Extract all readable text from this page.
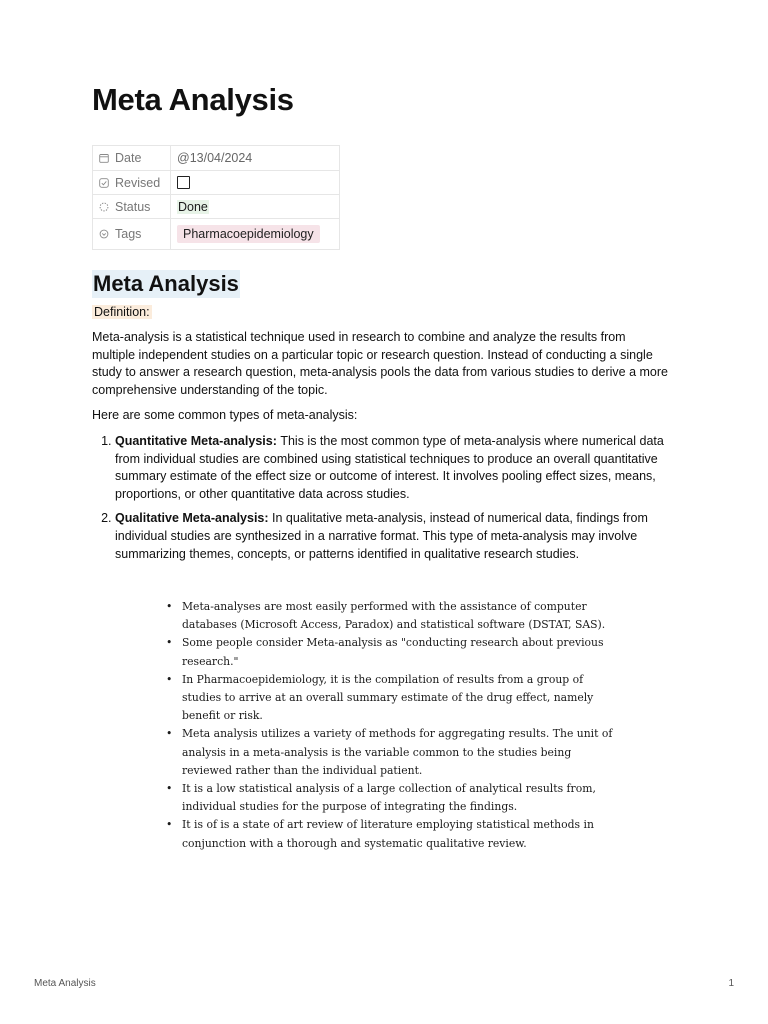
Meta Analysis
Date	@13/04/2024

Revised	

Status	Done

Tags	Pharmacoepidemiology
Meta Analysis
Definition:

Meta-analysis is a statistical technique used in research to combine and analyze the results from multiple independent studies on a particular topic or research question. Instead of conducting a single study to answer a research question, meta-analysis pools the data from various studies to derive a more comprehensive understanding of the topic.

Here are some common types of meta-analysis:

1. Quantitative Meta-analysis: This is the most common type of meta-analysis where numerical data from individual studies are combined using statistical techniques to produce an overall quantitative summary estimate of the effect size or outcome of interest. It involves pooling effect sizes, means, proportions, or other quantitative data across studies.
2. Qualitative Meta-analysis: In qualitative meta-analysis, instead of numerical data, findings from individual studies are synthesized in a narrative format. This type of meta-analysis may involve summarizing themes, concepts, or patterns identified in qualitative research studies.
• Meta-analyses are most easily performed with the assistance of computer databases (Microsoft Access, Paradox) and statistical software (DSTAT, SAS).
• Some people consider Meta-analysis as "conducting research about previous research."
• In Pharmacoepidemiology, it is the compilation of results from a group of studies to arrive at an overall summary estimate of the drug effect, namely benefit or risk.
• Meta analysis utilizes a variety of methods for aggregating results. The unit of analysis in a meta-analysis is the variable common to the studies being reviewed rather than the individual patient.
• It is a low statistical analysis of a large collection of analytical results from, individual studies for the purpose of integrating the findings.
• It is of is a state of art review of literature employing statistical methods in conjunction with a thorough and systematic qualitative review.
Meta Analysis	1
